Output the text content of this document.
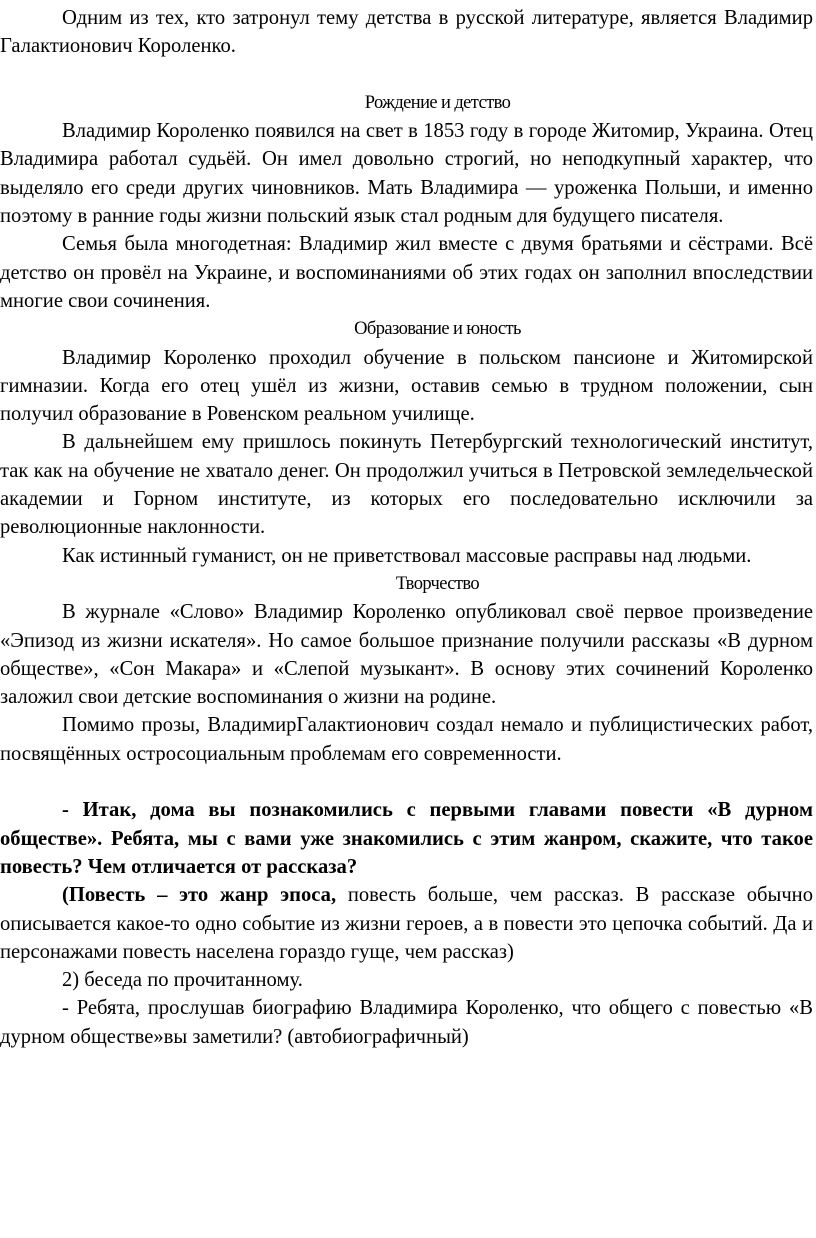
Одним из тех, кто затронул тему детства в русской литературе, является Владимир Галактионович Короленко.

Рождение и детство

Владимир Короленко появился на свет в 1853 году в городе Житомир, Украина. Отец Владимира работал судьёй. Он имел довольно строгий, но неподкупный характер, что выделяло его среди других чиновников. Мать Владимира — уроженка Польши, и именно поэтому в ранние годы жизни польский язык стал родным для будущего писателя.

Семья была многодетная: Владимир жил вместе с двумя братьями и сёстрами. Всё детство он провёл на Украине, и воспоминаниями об этих годах он заполнил впоследствии многие свои сочинения.

Образование и юность

Владимир Короленко проходил обучение в польском пансионе и Житомирской гимназии. Когда его отец ушёл из жизни, оставив семью в трудном положении, сын получил образование в Ровенском реальном училище.

В дальнейшем ему пришлось покинуть Петербургский технологический институт, так как на обучение не хватало денег. Он продолжил учиться в Петровской земледельческой академии и Горном институте, из которых его последовательно исключили за революционные наклонности.

Как истинный гуманист, он не приветствовал массовые расправы над людьми.

Творчество

В журнале «Слово» Владимир Короленко опубликовал своё первое произведение «Эпизод из жизни искателя». Но самое большое признание получили рассказы «В дурном обществе», «Сон Макара» и «Слепой музыкант». В основу этих сочинений Короленко заложил свои детские воспоминания о жизни на родине.

Помимо прозы, ВладимирГалактионович создал немало и публицистических работ, посвящённых остросоциальным проблемам его современности.

- Итак, дома вы познакомились с первыми главами повести «В дурном обществе». Ребята, мы с вами уже знакомились с этим жанром, скажите, что такое повесть? Чем отличается от рассказа?

(Повесть – это жанр эпоса, повесть больше, чем рассказ. В рассказе обычно описывается какое-то одно событие из жизни героев, а в повести это цепочка событий. Да и персонажами повесть населена гораздо гуще, чем рассказ)

2) беседа по прочитанному.

- Ребята, прослушав биографию Владимира Короленко, что общего с повестью «В дурном обществе»вы заметили? (автобиографичный)
